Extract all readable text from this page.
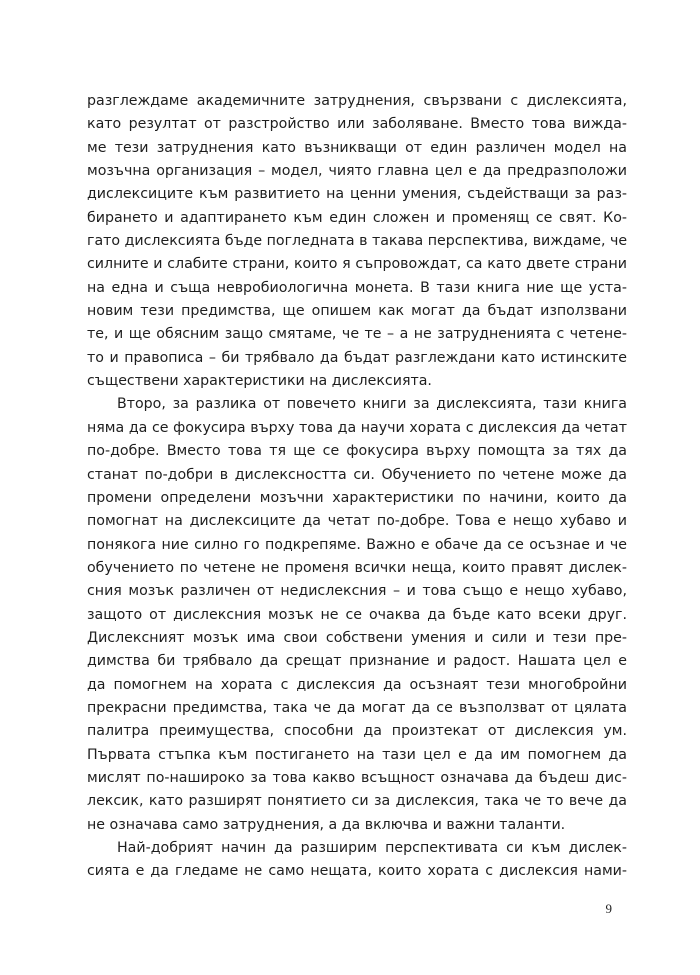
разглеждаме академичните затруднения, свързвани с дислексията,
като резултат от разстройство или заболяване. Вместо това виждa-
ме тези затруднения като възникващи от един различен модел на
мозъчна организация – модел, чиято главна цел е да предразположи
дислексиците към развитието на ценни умения, съдействащи за раз-
бирането и адаптирането към един сложен и променящ се свят. Ко-
гато дислексията бъде погледната в такава перспектива, виждаме, че
силните и слабите страни, които я съпровождат, са като двете страни
на една и съща невробиологична монета. В тази книга ние ще уста-
новим тези предимства, ще опишем как могат да бъдат използвани
те, и ще обясним защо смятаме, че те – а не затрудненията с четене-
то и правописа – би трябвало да бъдат разглеждани като истинските
съществени характеристики на дислексията.
Второ, за разлика от повечето книги за дислексията, тази книга
няма да се фокусира върху това да научи хората с дислексия да четат
по-добре. Вместо това тя ще се фокусира върху помощта за тях да
станат по-добри в дислексността си. Обучението по четене може да
промени определени мозъчни характеристики по начини, които да
помогнат на дислексиците да четат по-добре. Това е нещо хубаво и
понякога ние силно го подкрепяме. Важно е обаче да се осъзнае и че
обучението по четене не променя всички неща, които правят дислек-
сния мозък различен от недислексния – и това също е нещо хубаво,
защото от дислексния мозък не се очаква да бъде като всеки друг.
Дислексният мозък има свои собствени умения и сили и тези пре-
димства би трябвало да срещат признание и радост. Нашата цел е
да помогнем на хората с дислексия да осъзнаят тези многобройни
прекрасни предимства, така че да могат да се възползват от цялата
палитра преимущества, способни да произтекат от дислексия ум.
Първата стъпка към постигането на тази цел е да им помогнем да
мислят по-нашироко за това какво всъщност означава да бъдеш дис-
лексик, като разширят понятието си за дислексия, така че то вече да
не означава само затруднения, а да включва и важни таланти.
Най-добрият начин да разширим перспективата си към дислек-
сията е да гледаме не само нещата, които хората с дислексия нами-
9
